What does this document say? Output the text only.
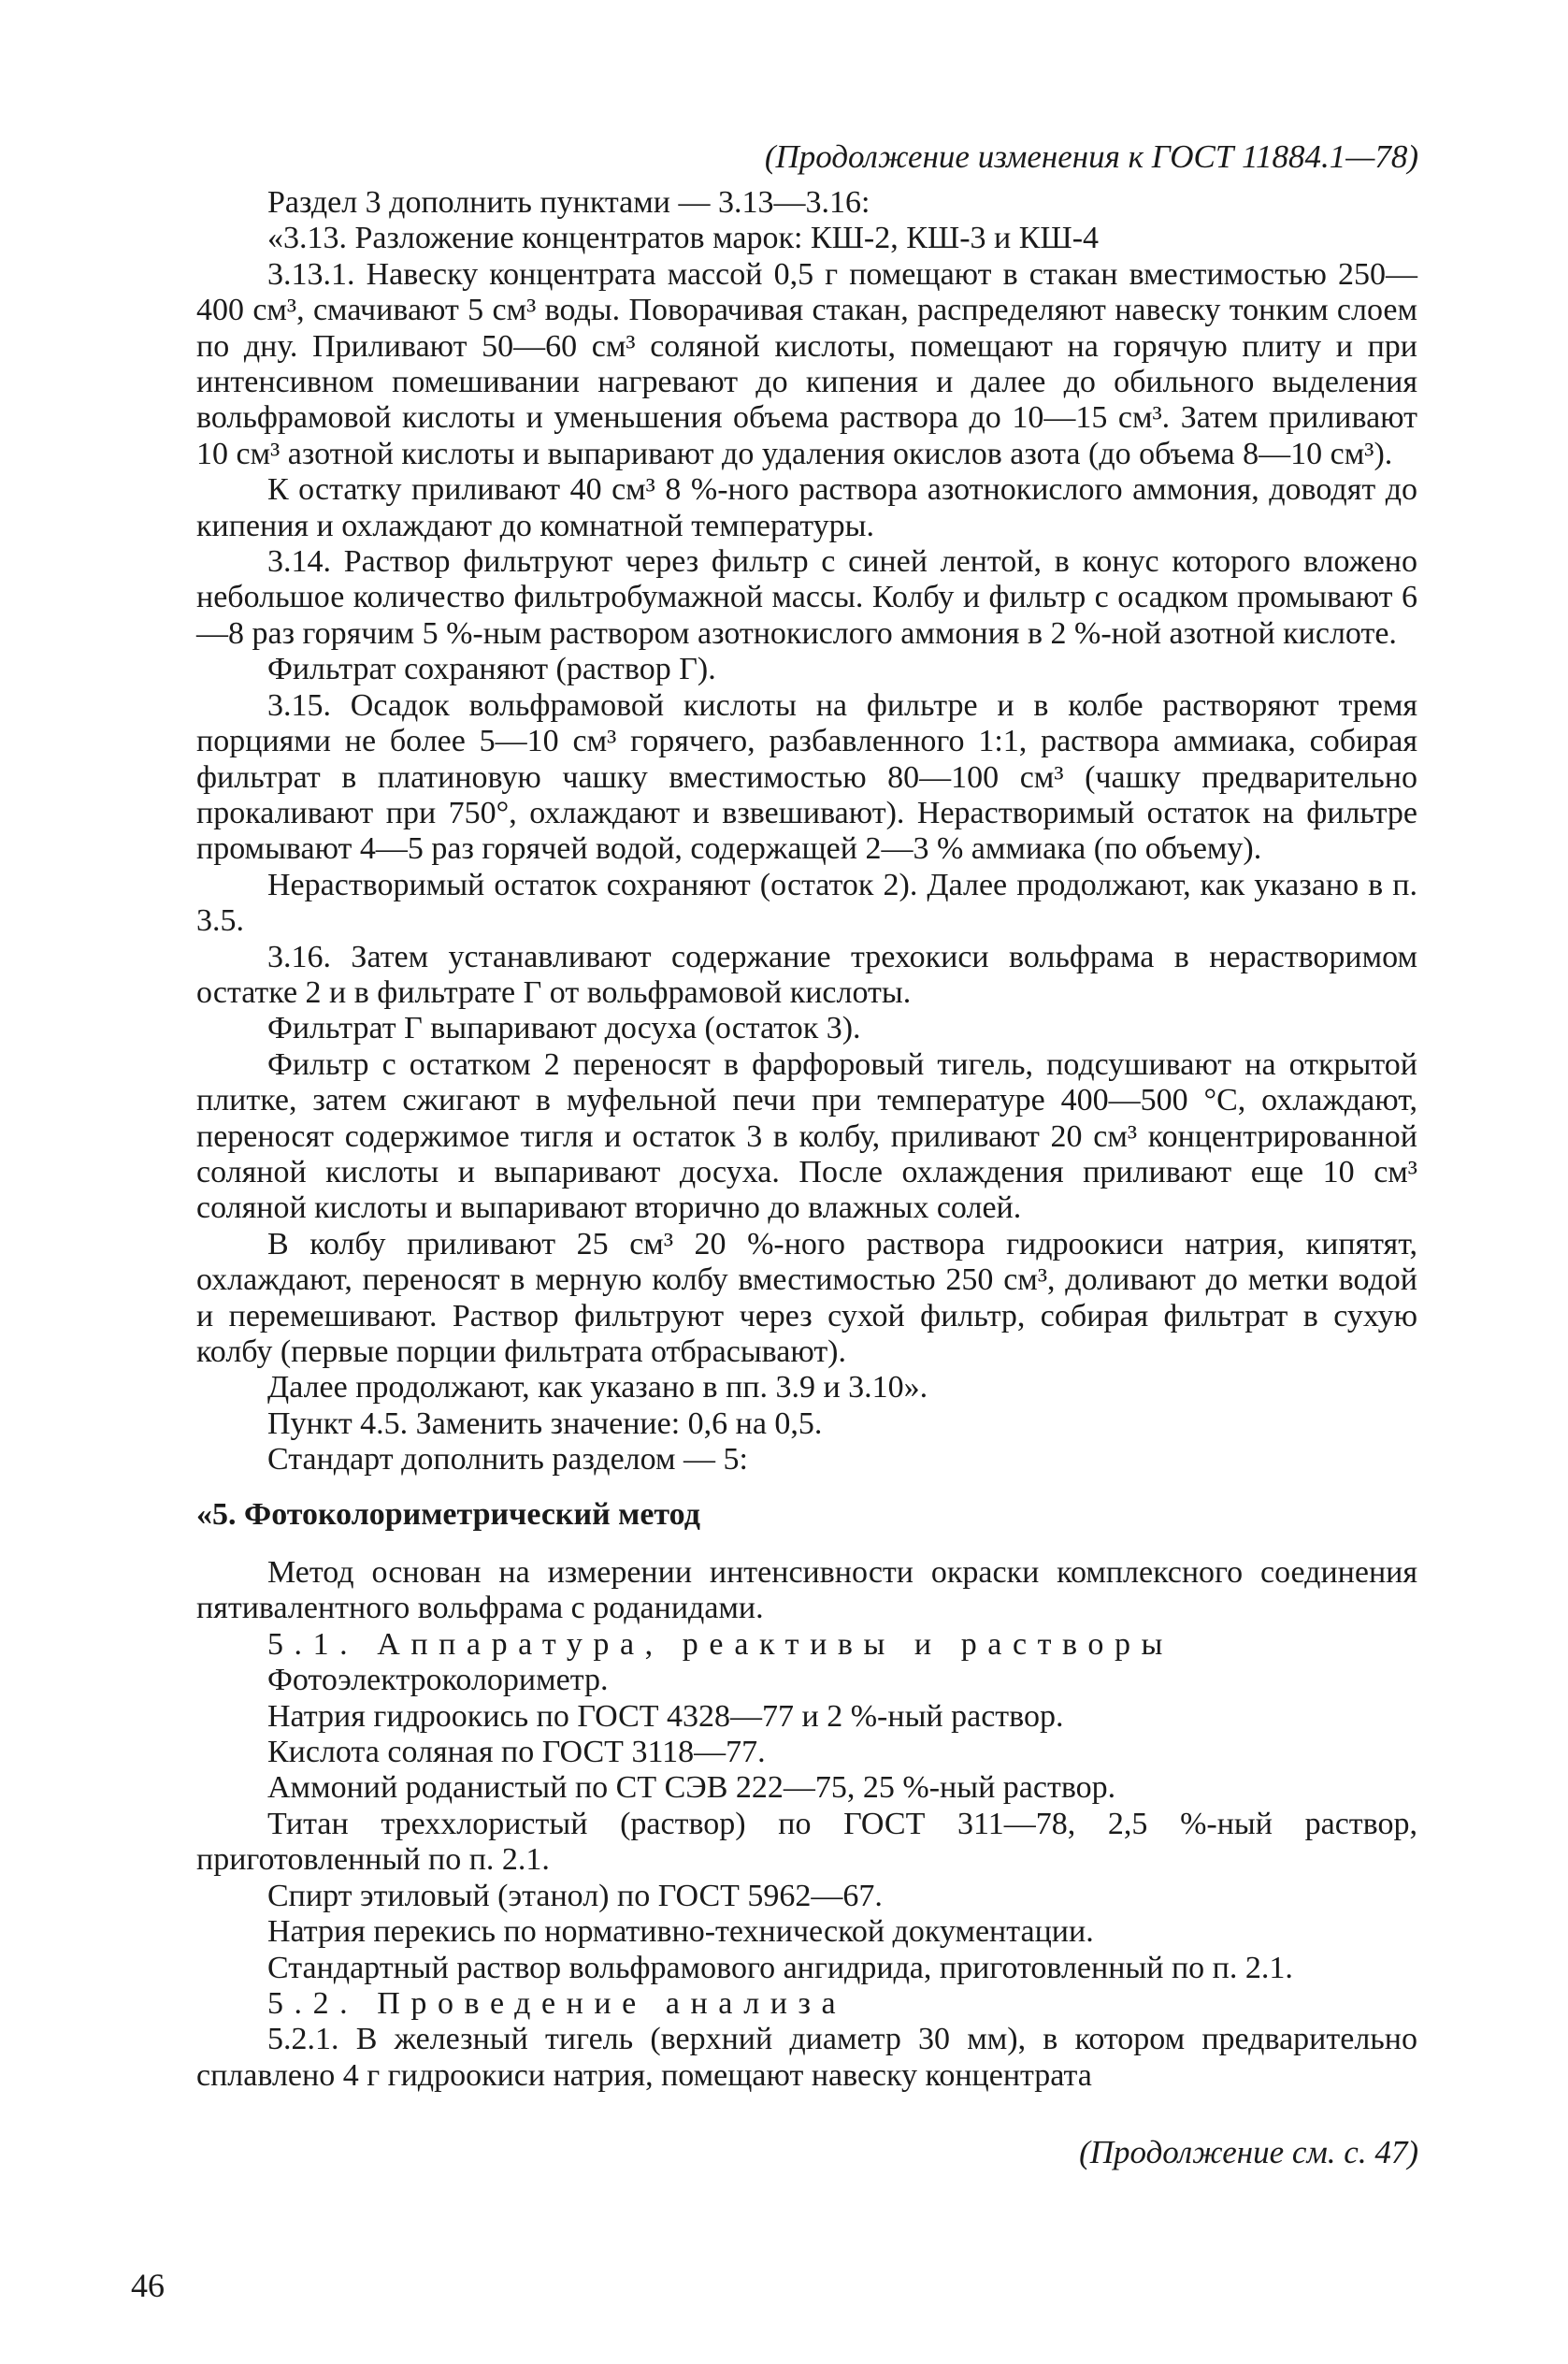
(Продолжение изменения к ГОСТ 11884.1—78)

Раздел 3 дополнить пунктами — 3.13—3.16:

«3.13. Разложение концентратов марок: КШ-2, КШ-3 и КШ-4

3.13.1. Навеску концентрата массой 0,5 г помещают в стакан вместимостью 250—400 см³, смачивают 5 см³ воды. Поворачивая стакан, распределяют навеску тонким слоем по дну. Приливают 50—60 см³ соляной кислоты, помещают на горячую плиту и при интенсивном помешивании нагревают до кипения и далее до обильного выделения вольфрамовой кислоты и уменьшения объема раствора до 10—15 см³. Затем приливают 10 см³ азотной кислоты и выпаривают до удаления окислов азота (до объема 8—10 см³).

К остатку приливают 40 см³ 8 %-ного раствора азотнокислого аммония, доводят до кипения и охлаждают до комнатной температуры.

3.14. Раствор фильтруют через фильтр с синей лентой, в конус которого вложено небольшое количество фильтробумажной массы. Колбу и фильтр с осадком промывают 6—8 раз горячим 5 %-ным раствором азотнокислого аммония в 2 %-ной азотной кислоте.

Фильтрат сохраняют (раствор Г).

3.15. Осадок вольфрамовой кислоты на фильтре и в колбе растворяют тремя порциями не более 5—10 см³ горячего, разбавленного 1:1, раствора аммиака, собирая фильтрат в платиновую чашку вместимостью 80—100 см³ (чашку предварительно прокаливают при 750°, охлаждают и взвешивают). Нерастворимый остаток на фильтре промывают 4—5 раз горячей водой, содержащей 2—3 % аммиака (по объему).

Нерастворимый остаток сохраняют (остаток 2). Далее продолжают, как указано в п. 3.5.

3.16. Затем устанавливают содержание трехокиси вольфрама в нерастворимом остатке 2 и в фильтрате Г от вольфрамовой кислоты.

Фильтрат Г выпаривают досуха (остаток 3).

Фильтр с остатком 2 переносят в фарфоровый тигель, подсушивают на открытой плитке, затем сжигают в муфельной печи при температуре 400—500 °С, охлаждают, переносят содержимое тигля и остаток 3 в колбу, приливают 20 см³ концентрированной соляной кислоты и выпаривают досуха. После охлаждения приливают еще 10 см³ соляной кислоты и выпаривают вторично до влажных солей.

В колбу приливают 25 см³ 20 %-ного раствора гидроокиси натрия, кипятят, охлаждают, переносят в мерную колбу вместимостью 250 см³, доливают до метки водой и перемешивают. Раствор фильтруют через сухой фильтр, собирая фильтрат в сухую колбу (первые порции фильтрата отбрасывают).

Далее продолжают, как указано в пп. 3.9 и 3.10».

Пункт 4.5. Заменить значение: 0,6 на 0,5.

Стандарт дополнить разделом — 5:

«5. Фотоколориметрический метод

Метод основан на измерении интенсивности окраски комплексного соединения пятивалентного вольфрама с роданидами.

5.1. Аппаратура, реактивы и растворы

Фотоэлектроколориметр.

Натрия гидроокись по ГОСТ 4328—77 и 2 %-ный раствор.

Кислота соляная по ГОСТ 3118—77.

Аммоний роданистый по СТ СЭВ 222—75, 25 %-ный раствор.

Титан треххлористый (раствор) по ГОСТ 311—78, 2,5 %-ный раствор, приготовленный по п. 2.1.

Спирт этиловый (этанол) по ГОСТ 5962—67.

Натрия перекись по нормативно-технической документации.

Стандартный раствор вольфрамового ангидрида, приготовленный по п. 2.1.

5.2. Проведение анализа

5.2.1. В железный тигель (верхний диаметр 30 мм), в котором предварительно сплавлено 4 г гидроокиси натрия, помещают навеску концентрата

(Продолжение см. с. 47)
46
